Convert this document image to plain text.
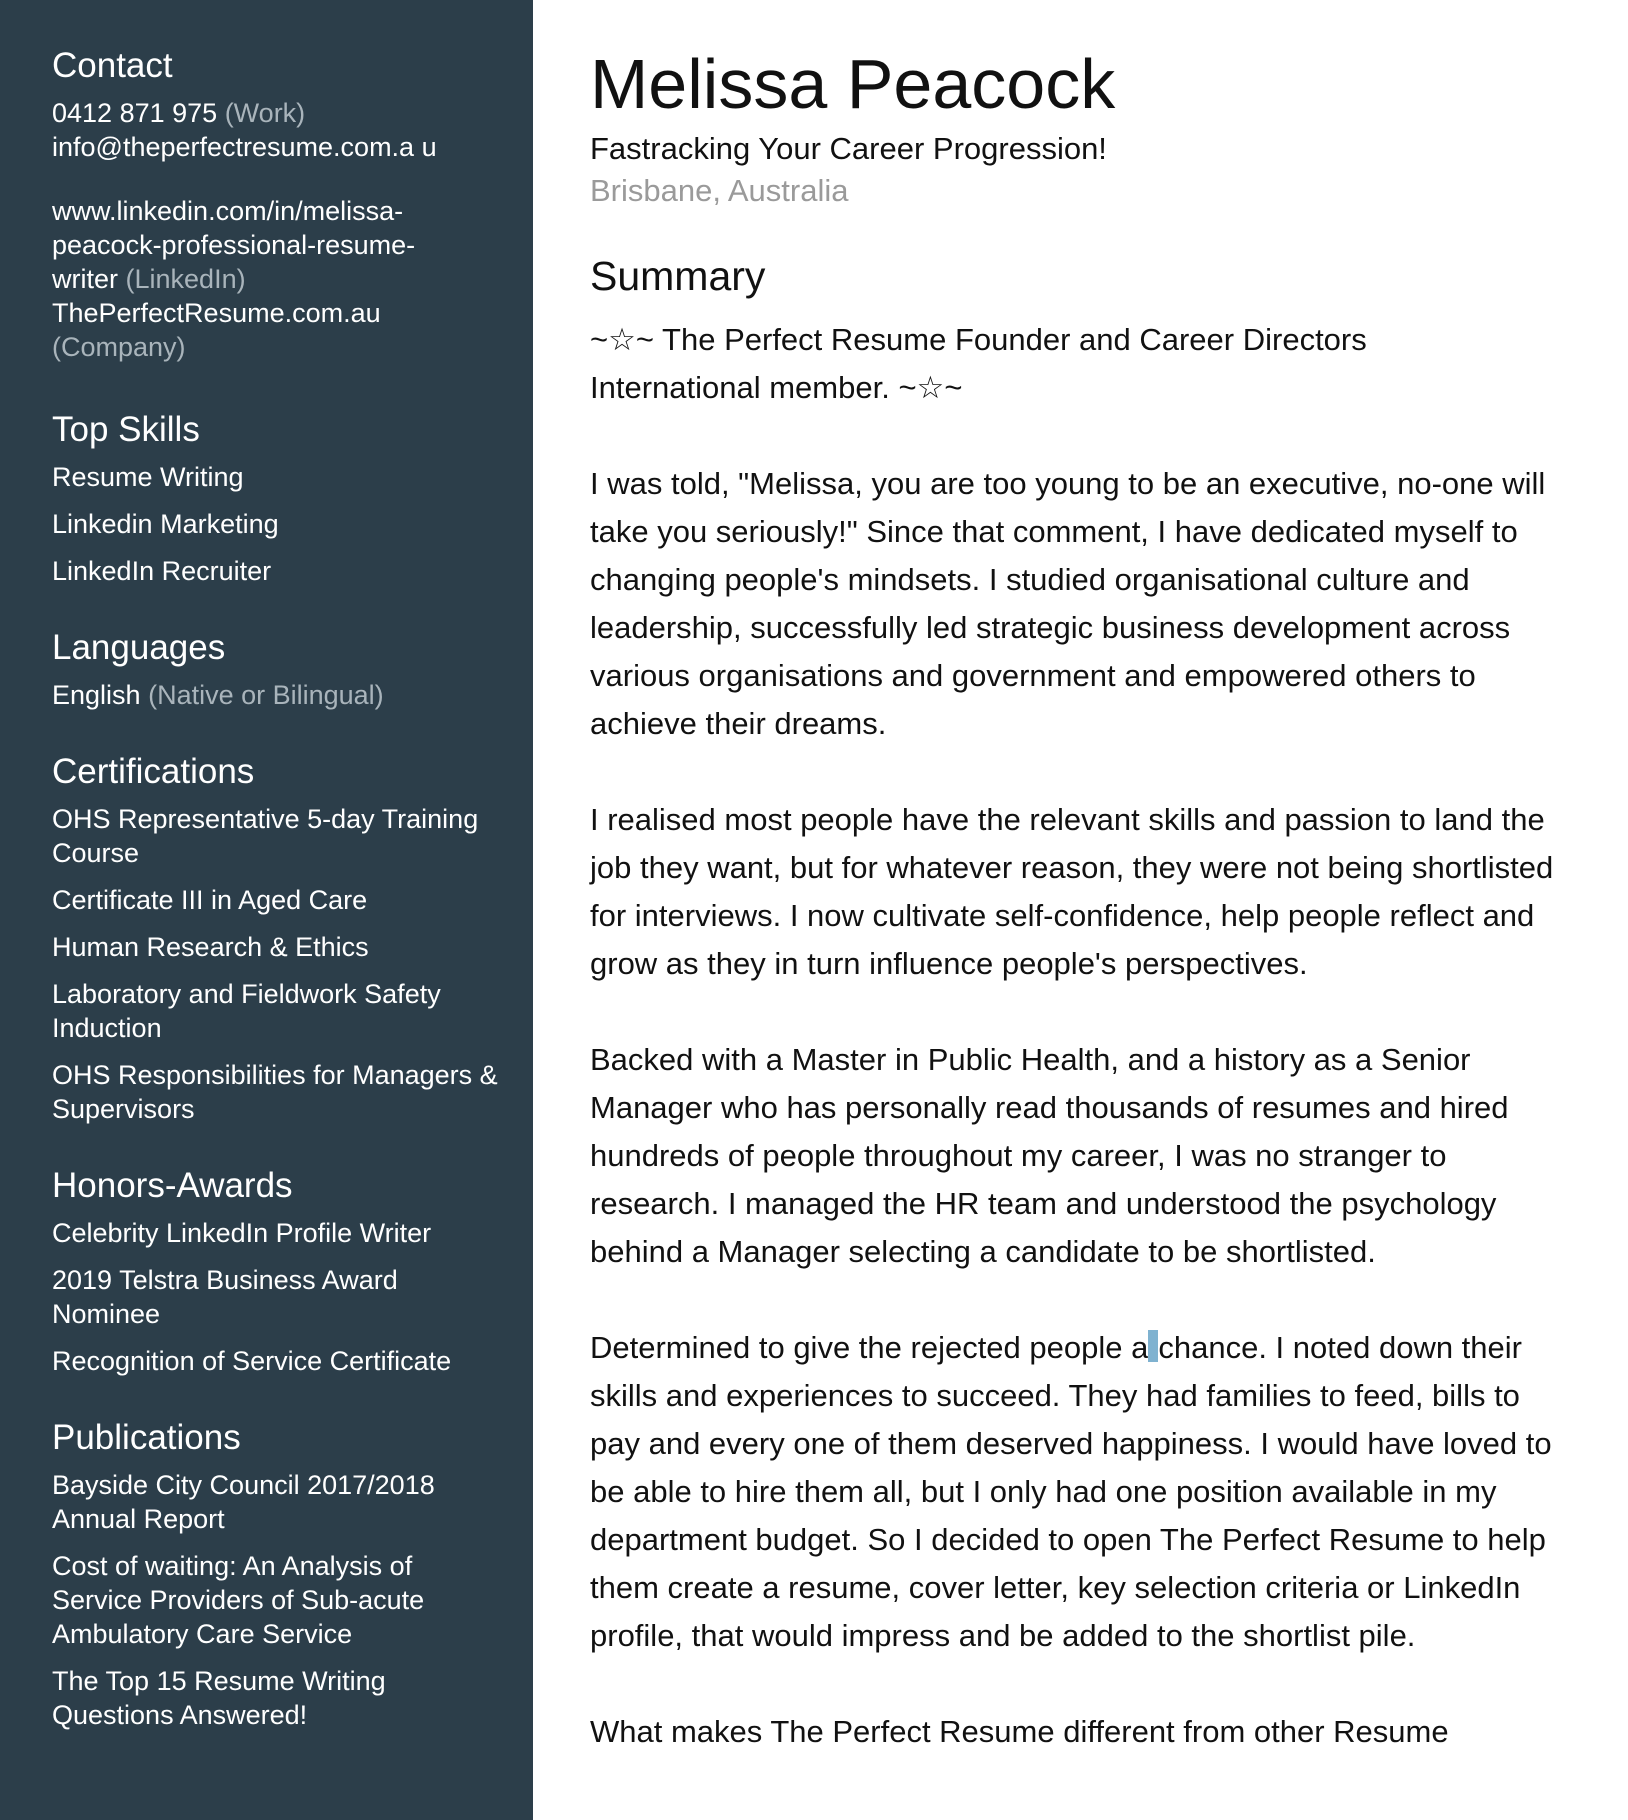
Contact
0412 871 975 (Work)
info@theperfectresume.com.a u
www.linkedin.com/in/melissa-
peacock-professional-resume-
writer (LinkedIn)
ThePerfectResume.com.au
(Company)
Top Skills
Resume Writing
Linkedin Marketing
LinkedIn Recruiter
Languages
English (Native or Bilingual)
Certifications
OHS Representative 5-day Training Course
Certificate III in Aged Care
Human Research & Ethics
Laboratory and Fieldwork Safety Induction
OHS Responsibilities for Managers & Supervisors
Honors-Awards
Celebrity LinkedIn Profile Writer
2019 Telstra Business Award Nominee
Recognition of Service Certificate
Publications
Bayside City Council 2017/2018 Annual Report
Cost of waiting: An Analysis of Service Providers of Sub-acute Ambulatory Care Service
The Top 15 Resume Writing Questions Answered!
Melissa Peacock
Fastracking Your Career Progression!
Brisbane, Australia
Summary

~☆~ The Perfect Resume Founder and Career Directors International member. ~☆~

I was told, "Melissa, you are too young to be an executive, no-one will take you seriously!" Since that comment, I have dedicated myself to changing people's mindsets. I studied organisational culture and leadership, successfully led strategic business development across various organisations and government and empowered others to achieve their dreams.

I realised most people have the relevant skills and passion to land the job they want, but for whatever reason, they were not being shortlisted for interviews. I now cultivate self-confidence, help people reflect and grow as they in turn influence people's perspectives.

Backed with a Master in Public Health, and a history as a Senior Manager who has personally read thousands of resumes and hired hundreds of people throughout my career, I was no stranger to research. I managed the HR team and understood the psychology behind a Manager selecting a candidate to be shortlisted.

Determined to give the rejected people a chance. I noted down their skills and experiences to succeed. They had families to feed, bills to pay and every one of them deserved happiness. I would have loved to be able to hire them all, but I only had one position available in my department budget. So I decided to open The Perfect Resume to help them create a resume, cover letter, key selection criteria or LinkedIn profile, that would impress and be added to the shortlist pile.

What makes The Perfect Resume different from other Resume
